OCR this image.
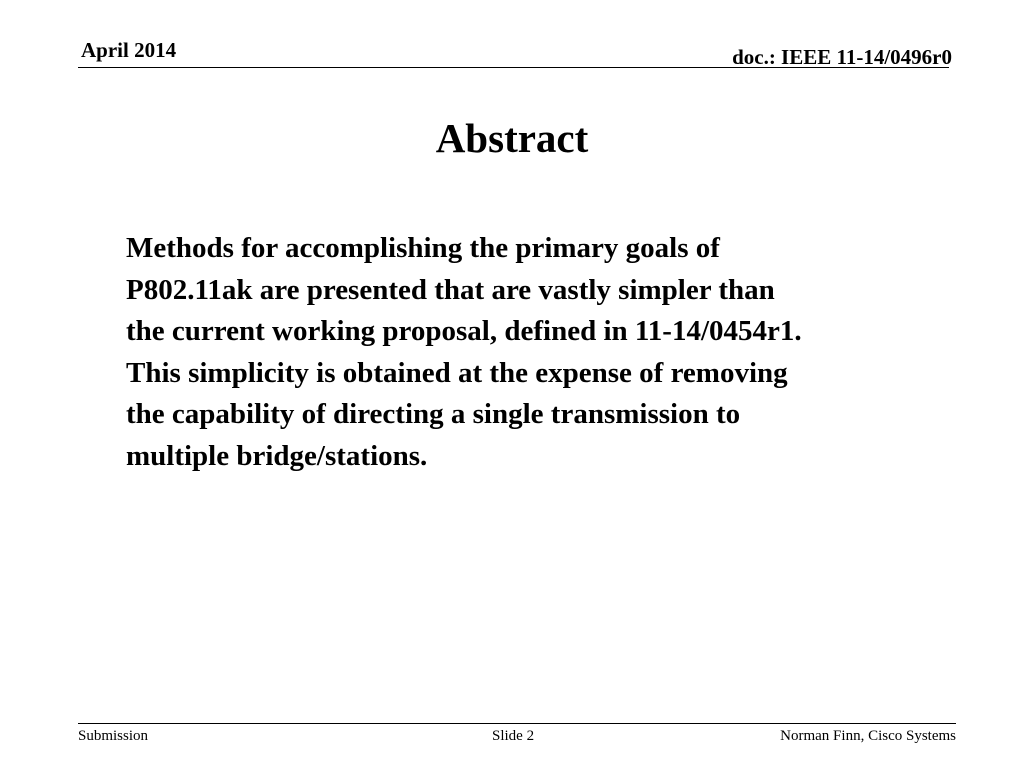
April 2014	doc.: IEEE 11-14/0496r0
Abstract
Methods for accomplishing the primary goals of
P802.11ak are presented that are vastly simpler than
the current working proposal, defined in 11-14/0454r1.
This simplicity is obtained at the expense of removing
the capability of directing a single transmission to
multiple bridge/stations.
Submission	Slide 2	Norman Finn, Cisco Systems
